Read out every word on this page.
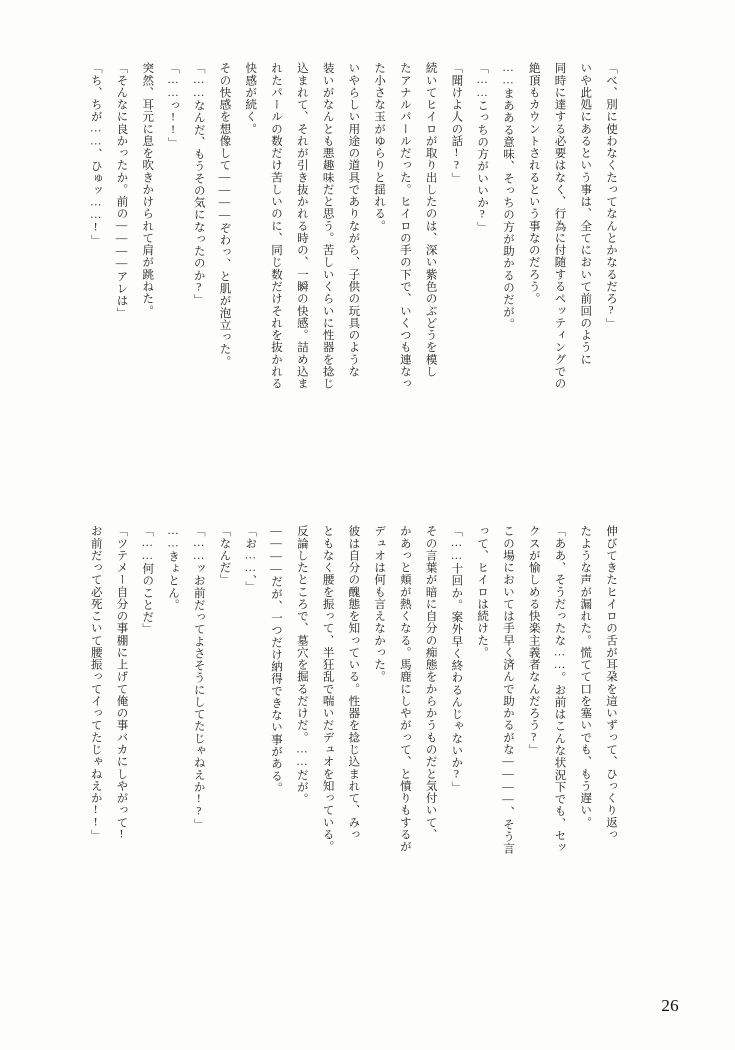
「べ、別に使わなくたってなんとかなるだろ?」
いや此処にあるという事は、全てにおいて前回のように
同時に達する必要はなく、行為に付随するペッティングでの
絶頂もカウントされるという事なのだろう。
……まあある意味、そっちの方が助かるのだが。
「……こっちの方がいいか?」
「聞けよ人の話!?」
続いてヒイロが取り出したのは、深い紫色のぶどうを模し
たアナルパールだった。ヒイロの手の下で、いくつも連なっ
た小さな玉がゆらりと揺れる。
いやらしい用途の道具でありながら、子供の玩具のような
装いがなんとも悪趣味だと思う。苦しいくらいに性器を捻じ
込まれて、それが引き抜かれる時の、一瞬の快感。詰め込ま
れたパールの数だけ苦しいのに、同じ数だけそれを抜かれる
快感が続く。
その快感を想像して――――ぞわっ、と肌が泡立った。
「……なんだ、もうその気になったのか?」
「……っ!!」
突然、耳元に息を吹きかけられて肩が跳ねた。
「そんなに良かったか。前の――――アレは」
「ち、ちが……、ひゅッ……!」
伸びてきたヒイロの舌が耳朶を這いずって、ひっくり返っ
たような声が漏れた。慌てて口を塞いでも、もう遅い。
「ああ、そうだったな……。お前はこんな状況下でも、セッ
クスが愉しめる快楽主義者なんだろう?」
この場においては手早く済んで助かるがな――――、そう言
って、ヒイロは続けた。
「……十回か。案外早く終わるんじゃないか?」
その言葉が暗に自分の痴態をからかうものだと気付いて、
かあっと頬が熱くなる。馬鹿にしやがって、と憤りもするが
デュオは何も言えなかった。
彼は自分の醜態を知っている。性器を捻じ込まれて、みっ
ともなく腰を振って、半狂乱で喘いだデュオを知っている。
反論したところで、墓穴を掘るだけだ。……だが。
――――だが、一つだけ納得できない事がある。
「お……、」
「なんだ」
「……ッお前だってよさそうにしてたじゃねえか!?」
……きょとん。
「……何のことだ」
「ツテメー自分の事棚に上げて俺の事バカにしやがって!
お前だって必死こいて腰振ってイってたじゃねえか!!」
26
